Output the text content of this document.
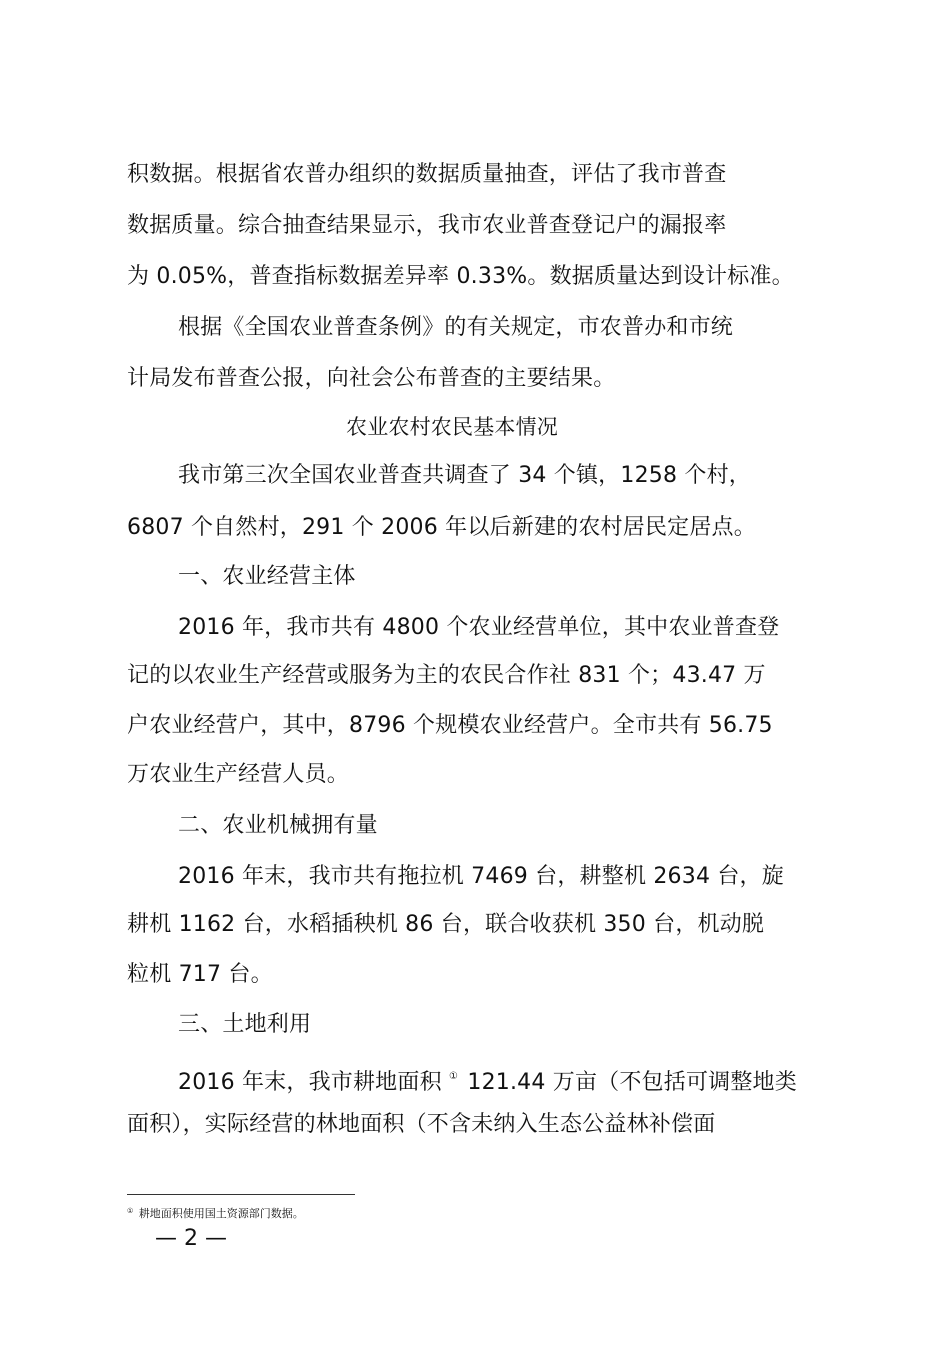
积数据。根据省农普办组织的数据质量抽查，评估了我市普查
数据质量。综合抽查结果显示，我市农业普查登记户的漏报率
为 0.05%，普查指标数据差异率 0.33%。数据质量达到设计标准。
根据《全国农业普查条例》的有关规定，市农普办和市统
计局发布普查公报，向社会公布普查的主要结果。
农业农村农民基本情况
我市第三次全国农业普查共调查了 34 个镇，1258 个村，
6807 个自然村，291 个 2006 年以后新建的农村居民定居点。
一、农业经营主体
2016 年，我市共有 4800 个农业经营单位，其中农业普查登
记的以农业生产经营或服务为主的农民合作社 831 个；43.47 万
户农业经营户，其中，8796 个规模农业经营户。全市共有 56.75
万农业生产经营人员。
二、农业机械拥有量
2016 年末，我市共有拖拉机 7469 台，耕整机 2634 台，旋
耕机 1162 台，水稻插秧机 86 台，联合收获机 350 台，机动脱
粒机 717 台。
三、土地利用
2016 年末，我市耕地面积 ① 121.44 万亩（不包括可调整地类
面积），实际经营的林地面积（不含未纳入生态公益林补偿面
① 耕地面积使用国土资源部门数据。
— 2 —
